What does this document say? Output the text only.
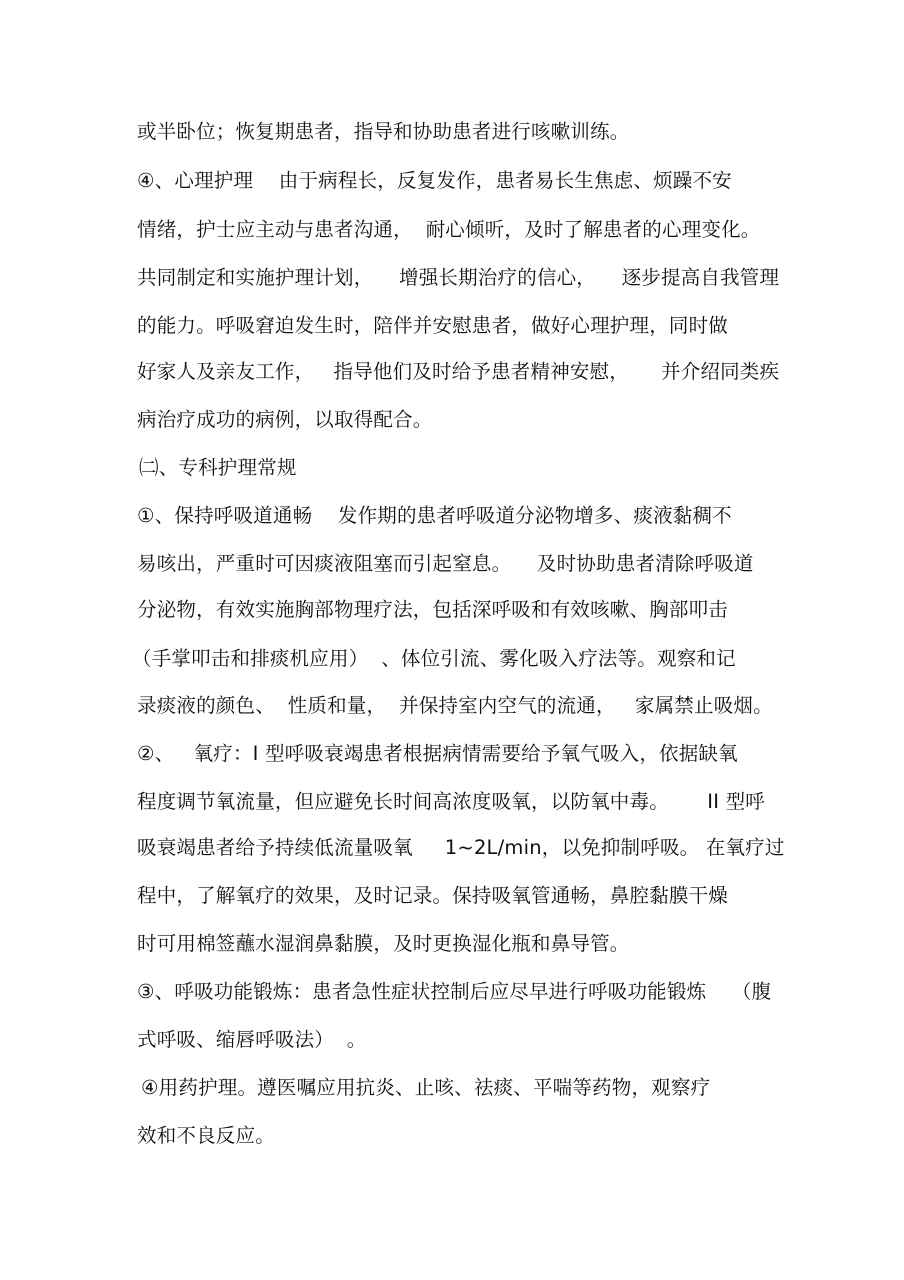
或半卧位；恢复期患者，指导和协助患者进行咳嗽训练。
④、心理护理    由于病程长，反复发作，患者易长生焦虑、烦躁不安
情绪，护士应主动与患者沟通，  耐心倾听，及时了解患者的心理变化。
共同制定和实施护理计划，    增强长期治疗的信心，    逐步提高自我管理
的能力。呼吸窘迫发生时，陪伴并安慰患者，做好心理护理，同时做
好家人及亲友工作，   指导他们及时给予患者精神安慰，     并介绍同类疾
病治疗成功的病例，以取得配合。
㈡、专科护理常规
①、保持呼吸道通畅    发作期的患者呼吸道分泌物增多、痰液黏稠不
易咳出，严重时可因痰液阻塞而引起窒息。    及时协助患者清除呼吸道
分泌物，有效实施胸部物理疗法，包括深呼吸和有效咳嗽、胸部叩击
（手掌叩击和排痰机应用）  、体位引流、雾化吸入疗法等。观察和记
录痰液的颜色、  性质和量，  并保持室内空气的流通，   家属禁止吸烟。
②、   氧疗：I 型呼吸衰竭患者根据病情需要给予氧气吸入，依据缺氧
程度调节氧流量，但应避免长时间高浓度吸氧，以防氧中毒。      II 型呼
吸衰竭患者给予持续低流量吸氧     1~2L/min，以免抑制呼吸。 在氧疗过
程中，了解氧疗的效果，及时记录。保持吸氧管通畅，鼻腔黏膜干燥
时可用棉签蘸水湿润鼻黏膜，及时更换湿化瓶和鼻导管。
③、呼吸功能锻炼：患者急性症状控制后应尽早进行呼吸功能锻炼    （腹
式呼吸、缩唇呼吸法）  。
④用药护理。遵医嘱应用抗炎、止咳、祛痰、平喘等药物，观察疗
效和不良反应。
